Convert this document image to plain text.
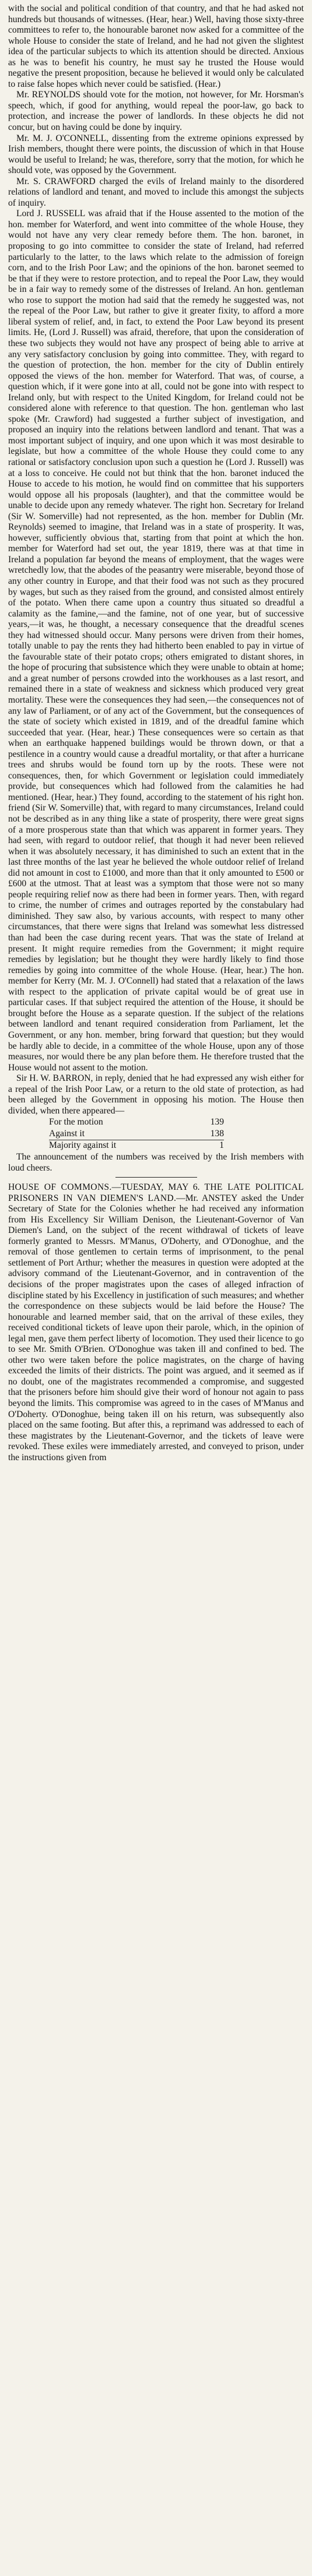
with the social and political condition of that country, and that he had asked not hundreds but thousands of witnesses. (Hear, hear.) Well, having those sixty-three committees to refer to, the honourable baronet now asked for a committee of the whole House to consider the state of Ireland, and he had not given the slightest idea of the particular subjects to which its attention should be directed. Anxious as he was to benefit his country, he must say he trusted the House would negative the present proposition, because he believed it would only be calculated to raise false hopes which never could be satisfied. (Hear.)

Mr. REYNOLDS should vote for the motion, not however, for Mr. Horsman's speech, which, if good for anything, would repeal the poor-law, go back to protection, and increase the power of landlords. In these objects he did not concur, but on having could be done by inquiry.

Mr. M. J. O'CONNELL, dissenting from the extreme opinions expressed by Irish members, thought there were points, the discussion of which in that House would be useful to Ireland; he was, therefore, sorry that the motion, for which he should vote, was opposed by the Government.

Mr. S. CRAWFORD charged the evils of Ireland mainly to the disordered relations of landlord and tenant, and moved to include this amongst the subjects of inquiry.

Lord J. RUSSELL was afraid that if the House assented to the motion of the hon. member for Waterford, and went into committee of the whole House, they would not have any very clear remedy before them. The hon. baronet, in proposing to go into committee to consider the state of Ireland, had referred particularly to the latter, to the laws which relate to the admission of foreign corn, and to the Irish Poor Law; and the opinions of the hon. baronet seemed to be that if they were to restore protection, and to repeal the Poor Law, they would be in a fair way to remedy some of the distresses of Ireland. An hon. gentleman who rose to support the motion had said that the remedy he suggested was, not the repeal of the Poor Law, but rather to give it greater fixity, to afford a more liberal system of relief, and, in fact, to extend the Poor Law beyond its present limits. He, (Lord J. Russell) was afraid, therefore, that upon the consideration of these two subjects they would not have any prospect of being able to arrive at any very satisfactory conclusion by going into committee. They, with regard to the question of protection, the hon. member for the city of Dublin entirely opposed the views of the hon. member for Waterford. That was, of course, a question which, if it were gone into at all, could not be gone into with respect to Ireland only, but with respect to the United Kingdom, for Ireland could not be considered alone with reference to that question. The hon. gentleman who last spoke (Mr. Crawford) had suggested a further subject of investigation, and proposed an inquiry into the relations between landlord and tenant. That was a most important subject of inquiry, and one upon which it was most desirable to legislate, but how a committee of the whole House they could come to any rational or satisfactory conclusion upon such a question he (Lord J. Russell) was at a loss to conceive. He could not but think that the hon. baronet induced the House to accede to his motion, he would find on committee that his supporters would oppose all his proposals (laughter), and that the committee would be unable to decide upon any remedy whatever. The right hon. Secretary for Ireland (Sir W. Somerville) had not represented, as the hon. member for Dublin (Mr. Reynolds) seemed to imagine, that Ireland was in a state of prosperity. It was, however, sufficiently obvious that, starting from that point at which the hon. member for Waterford had set out, the year 1819, there was at that time in Ireland a population far beyond the means of employment, that the wages were wretchedly low, that the abodes of the peasantry were miserable, beyond those of any other country in Europe, and that their food was not such as they procured by wages, but such as they raised from the ground, and consisted almost entirely of the potato. When there came upon a country thus situated so dreadful a calamity as the famine,—and the famine, not of one year, but of successive years,—it was, he thought, a necessary consequence that the dreadful scenes they had witnessed should occur. Many persons were driven from their homes, totally unable to pay the rents they had hitherto been enabled to pay in virtue of the favourable state of their potato crops; others emigrated to distant shores, in the hope of procuring that subsistence which they were unable to obtain at home; and a great number of persons crowded into the workhouses as a last resort, and remained there in a state of weakness and sickness which produced very great mortality. These were the consequences they had seen,—the consequences not of any law of Parliament, or of any act of the Government, but the consequences of the state of society which existed in 1819, and of the dreadful famine which succeeded that year. (Hear, hear.) These consequences were so certain as that when an earthquake happened buildings would be thrown down, or that a pestilence in a country would cause a dreadful mortality, or that after a hurricane trees and shrubs would be found torn up by the roots. These were not consequences, then, for which Government or legislation could immediately provide, but consequences which had followed from the calamities he had mentioned. (Hear, hear.) They found, according to the statement of his right hon. friend (Sir W. Somerville) that, with regard to many circumstances, Ireland could not be described as in any thing like a state of prosperity, there were great signs of a more prosperous state than that which was apparent in former years. They had seen, with regard to outdoor relief, that though it had never been relieved when it was absolutely necessary, it has diminished to such an extent that in the last three months of the last year he believed the whole outdoor relief of Ireland did not amount in cost to £1000, and more than that it only amounted to £500 or £600 at the utmost. That at least was a symptom that those were not so many people requiring relief now as there had been in former years. Then, with regard to crime, the number of crimes and outrages reported by the constabulary had diminished. They saw also, by various accounts, with respect to many other circumstances, that there were signs that Ireland was somewhat less distressed than had been the case during recent years. That was the state of Ireland at present. It might require remedies from the Government; it might require remedies by legislation; but he thought they were hardly likely to find those remedies by going into committee of the whole House. (Hear, hear.) The hon. member for Kerry (Mr. M. J. O'Connell) had stated that a relaxation of the laws with respect to the application of private capital would be of great use in particular cases. If that subject required the attention of the House, it should be brought before the House as a separate question. If the subject of the relations between landlord and tenant required consideration from Parliament, let the Government, or any hon. member, bring forward that question; but they would be hardly able to decide, in a committee of the whole House, upon any of those measures, nor would there be any plan before them. He therefore trusted that the House would not assent to the motion.

Sir H. W. BARRON, in reply, denied that he had expressed any wish either for a repeal of the Irish Poor Law, or a return to the old state of protection, as had been alleged by the Government in opposing his motion. The House then divided, when there appeared—

For the motion	139
Against it	138
Majority against it	1

The announcement of the numbers was received by the Irish members with loud cheers.

HOUSE OF COMMONS.—TUESDAY, MAY 6. THE LATE POLITICAL PRISONERS IN VAN DIEMEN'S LAND.—Mr. ANSTEY asked the Under Secretary of State for the Colonies whether he had received any information from His Excellency Sir William Denison, the Lieutenant-Governor of Van Diemen's Land, on the subject of the recent withdrawal of tickets of leave formerly granted to Messrs. M'Manus, O'Doherty, and O'Donoghue, and the removal of those gentlemen to certain terms of imprisonment, to the penal settlement of Port Arthur; whether the measures in question were adopted at the advisory command of the Lieutenant-Governor, and in contravention of the decisions of the proper magistrates upon the cases of alleged infraction of discipline stated by his Excellency in justification of such measures; and whether the correspondence on these subjects would be laid before the House? The honourable and learned member said, that on the arrival of these exiles, they received conditional tickets of leave upon their parole, which, in the opinion of legal men, gave them perfect liberty of locomotion. They used their licence to go to see Mr. Smith O'Brien. O'Donoghue was taken ill and confined to bed. The other two were taken before the police magistrates, on the charge of having exceeded the limits of their districts. The point was argued, and it seemed as if no doubt, one of the magistrates recommended a compromise, and suggested that the prisoners before him should give their word of honour not again to pass beyond the limits. This compromise was agreed to in the cases of M'Manus and O'Doherty. O'Donoghue, being taken ill on his return, was subsequently also placed on the same footing. But after this, a reprimand was addressed to each of these magistrates by the Lieutenant-Governor, and the tickets of leave were revoked. These exiles were immediately arrested, and conveyed to prison, under the instructions given from
